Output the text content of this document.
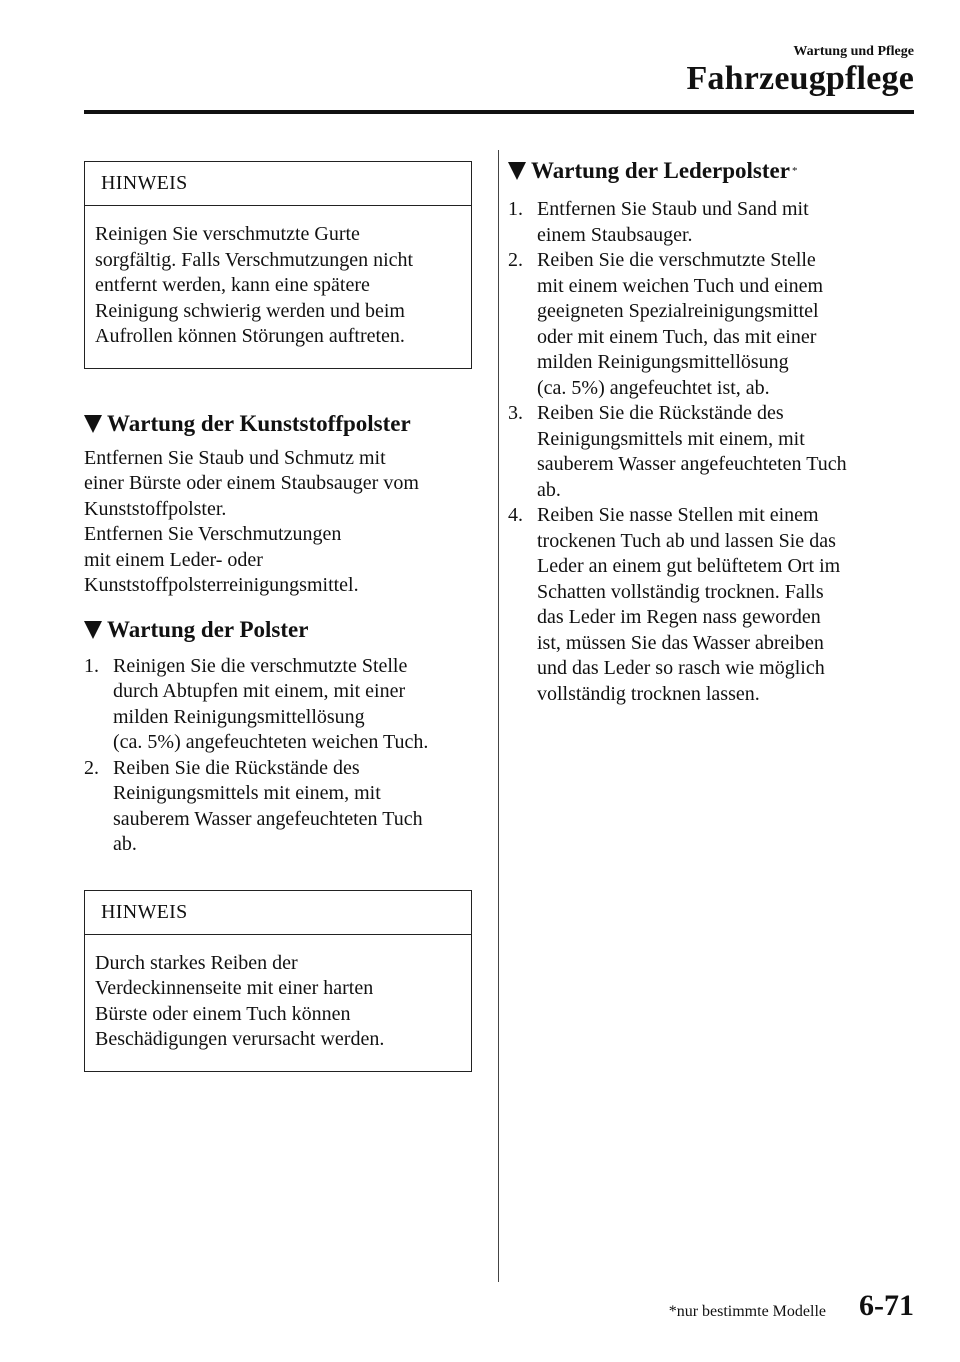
Wartung und Pflege
Fahrzeugpflege
HINWEIS
Reinigen Sie verschmutzte Gurte
sorgfältig. Falls Verschmutzungen nicht
entfernt werden, kann eine spätere
Reinigung schwierig werden und beim
Aufrollen können Störungen auftreten.
Wartung der Kunststoffpolster
Entfernen Sie Staub und Schmutz mit
einer Bürste oder einem Staubsauger vom
Kunststoffpolster.
Entfernen Sie Verschmutzungen
mit einem Leder- oder
Kunststoffpolsterreinigungsmittel.
Wartung der Polster
1. Reinigen Sie die verschmutzte Stelle
durch Abtupfen mit einem, mit einer
milden Reinigungsmittellösung
(ca. 5%) angefeuchteten weichen Tuch.
2. Reiben Sie die Rückstände des
Reinigungsmittels mit einem, mit
sauberem Wasser angefeuchteten Tuch
ab.
HINWEIS
Durch starkes Reiben der
Verdeckinnenseite mit einer harten
Bürste oder einem Tuch können
Beschädigungen verursacht werden.
Wartung der Lederpolster *
1. Entfernen Sie Staub und Sand mit
einem Staubsauger.
2. Reiben Sie die verschmutzte Stelle
mit einem weichen Tuch und einem
geeigneten Spezialreinigungsmittel
oder mit einem Tuch, das mit einer
milden Reinigungsmittellösung
(ca. 5%) angefeuchtet ist, ab.
3. Reiben Sie die Rückstände des
Reinigungsmittels mit einem, mit
sauberem Wasser angefeuchteten Tuch
ab.
4. Reiben Sie nasse Stellen mit einem
trockenen Tuch ab und lassen Sie das
Leder an einem gut belüftetem Ort im
Schatten vollständig trocknen. Falls
das Leder im Regen nass geworden
ist, müssen Sie das Wasser abreiben
und das Leder so rasch wie möglich
vollständig trocknen lassen.
*nur bestimmte Modelle 6-71
